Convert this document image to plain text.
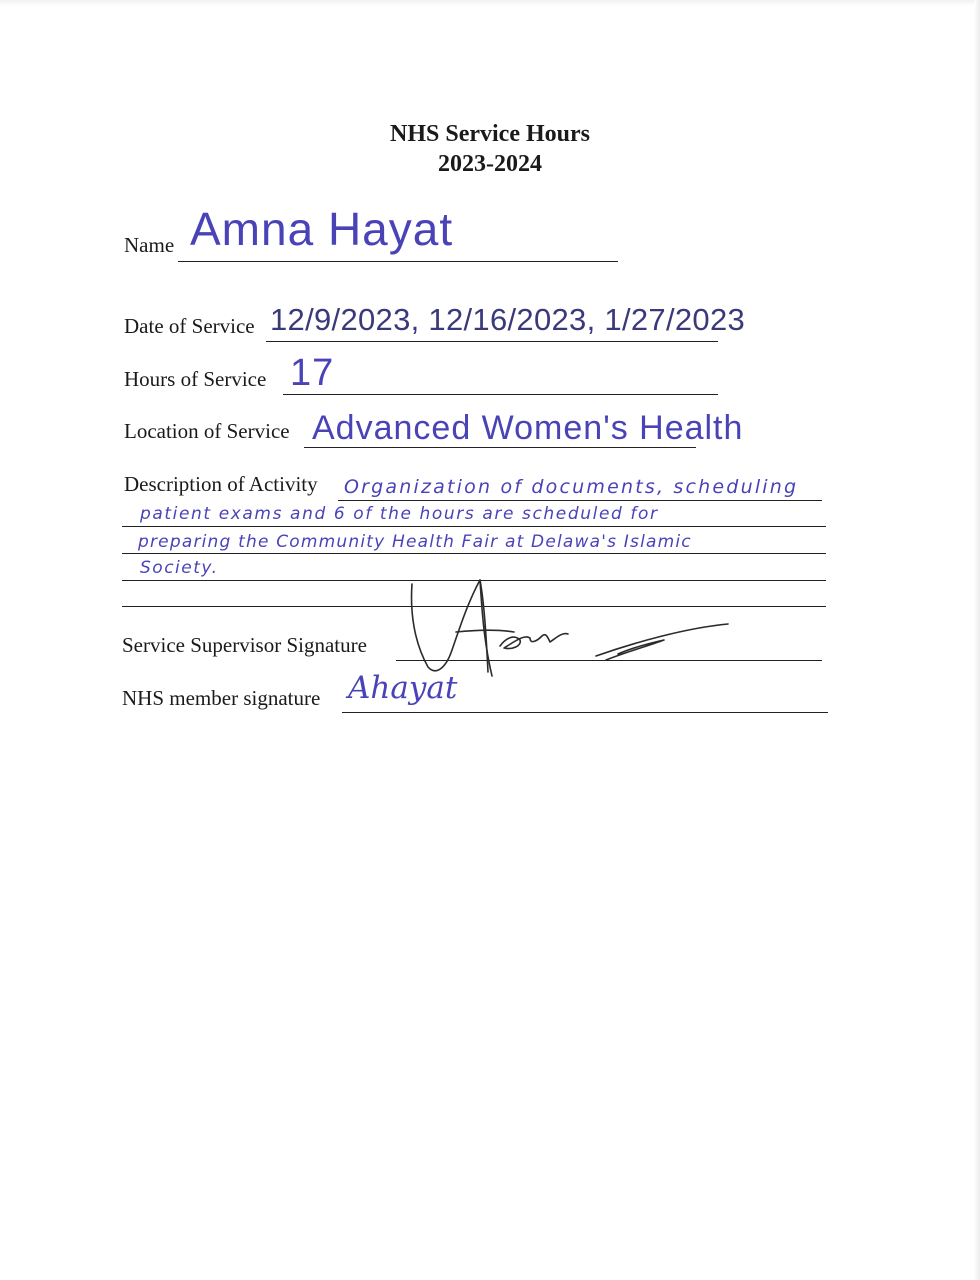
NHS Service Hours
2023-2024
Name Amna Hayat
Date of Service 12/9/2023, 12/16/2023, 1/27/2023
Hours of Service 17
Location of Service Advanced Women's Health
Description of Activity Organization of documents, scheduling
patient exams and 6 of the hours are scheduled for
preparing the Community Health Fair at Delawa's Islamic
Society.
Service Supervisor Signature
NHS member signature Ahayat
